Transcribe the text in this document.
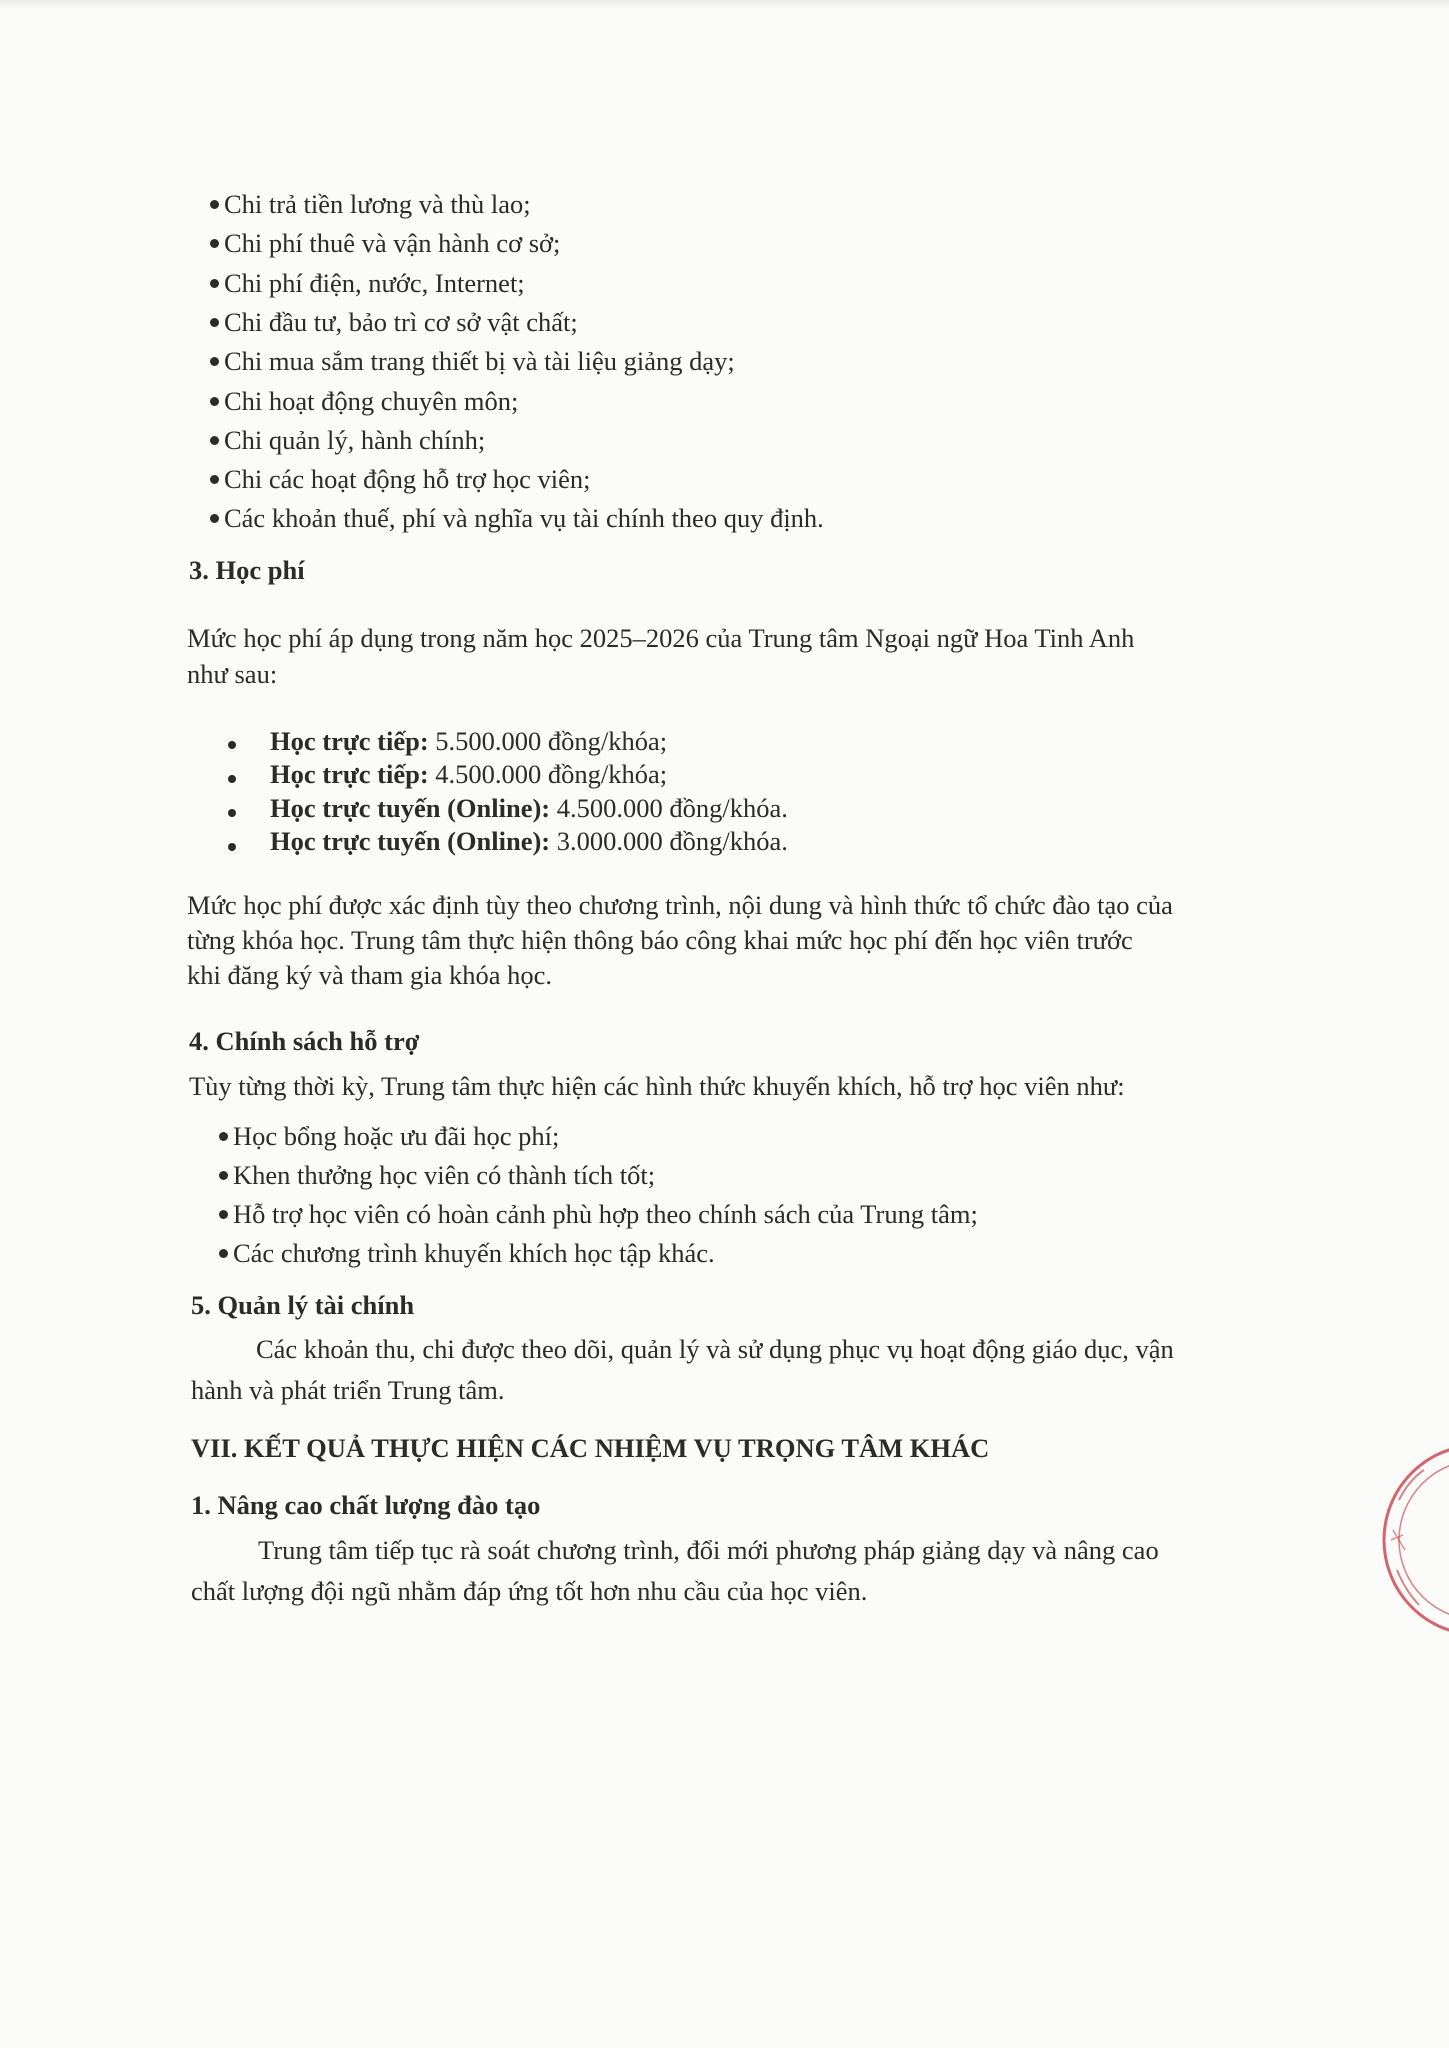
Chi trả tiền lương và thù lao;

Chi phí thuê và vận hành cơ sở;

Chi phí điện, nước, Internet;

Chi đầu tư, bảo trì cơ sở vật chất;

Chi mua sắm trang thiết bị và tài liệu giảng dạy;

Chi hoạt động chuyên môn;

Chi quản lý, hành chính;

Chi các hoạt động hỗ trợ học viên;

Các khoản thuế, phí và nghĩa vụ tài chính theo quy định.

3. Học phí

Mức học phí áp dụng trong năm học 2025–2026 của Trung tâm Ngoại ngữ Hoa Tinh Anh

như sau:

Học trực tiếp: 5.500.000 đồng/khóa;

Học trực tiếp: 4.500.000 đồng/khóa;

Học trực tuyến (Online): 4.500.000 đồng/khóa.

Học trực tuyến (Online): 3.000.000 đồng/khóa.

Mức học phí được xác định tùy theo chương trình, nội dung và hình thức tổ chức đào tạo của

từng khóa học. Trung tâm thực hiện thông báo công khai mức học phí đến học viên trước

khi đăng ký và tham gia khóa học.

4. Chính sách hỗ trợ

Tùy từng thời kỳ, Trung tâm thực hiện các hình thức khuyến khích, hỗ trợ học viên như:

Học bổng hoặc ưu đãi học phí;

Khen thưởng học viên có thành tích tốt;

Hỗ trợ học viên có hoàn cảnh phù hợp theo chính sách của Trung tâm;

Các chương trình khuyến khích học tập khác.

5. Quản lý tài chính

Các khoản thu, chi được theo dõi, quản lý và sử dụng phục vụ hoạt động giáo dục, vận

hành và phát triển Trung tâm.

VII. KẾT QUẢ THỰC HIỆN CÁC NHIỆM VỤ TRỌNG TÂM KHÁC

1. Nâng cao chất lượng đào tạo

Trung tâm tiếp tục rà soát chương trình, đổi mới phương pháp giảng dạy và nâng cao

chất lượng đội ngũ nhằm đáp ứng tốt hơn nhu cầu của học viên.
